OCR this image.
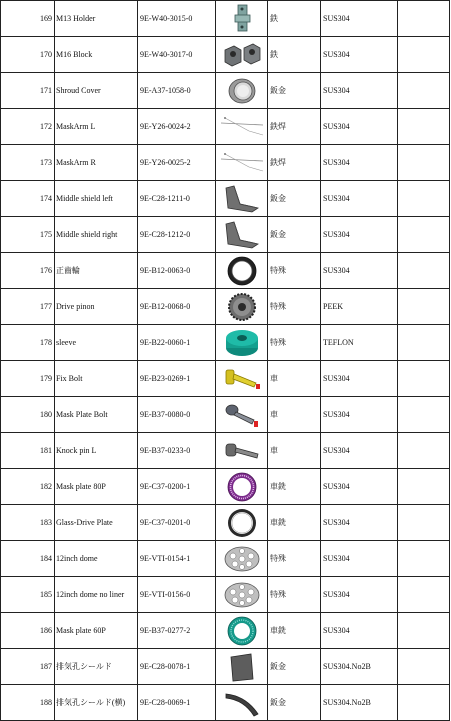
169	M13 Holder	9E-W40-3015-0		鉄	SUS304	
170	M16 Block	9E-W40-3017-0		鉄	SUS304	
171	Shroud Cover	9E-A37-1058-0		鈑金	SUS304	
172	MaskArm L	9E-Y26-0024-2		鉄焊	SUS304	
173	MaskArm R	9E-Y26-0025-2		鉄焊	SUS304	
174	Middle shield left	9E-C28-1211-0		鈑金	SUS304	
175	Middle shield right	9E-C28-1212-0		鈑金	SUS304	
176	正齒輪	9E-B12-0063-0		特殊	SUS304	
177	Drive pinon	9E-B12-0068-0		特殊	PEEK	
178	sleeve	9E-B22-0060-1		特殊	TEFLON	
179	Fix Bolt	9E-B23-0269-1		車	SUS304	
180	Mask Plate Bolt	9E-B37-0080-0		車	SUS304	
181	Knock pin L	9E-B37-0233-0		車	SUS304	
182	Mask plate 80P	9E-C37-0200-1		車銑	SUS304	
183	Glass-Drive Plate	9E-C37-0201-0		車銑	SUS304	
184	12inch dome	9E-VTI-0154-1		特殊	SUS304	
185	12inch dome no liner	9E-VTI-0156-0		特殊	SUS304	
186	Mask plate 60P	9E-B37-0277-2		車銑	SUS304	
187	排気孔シールド	9E-C28-0078-1		鈑金	SUS304.No2B	
188	排気孔シールド(横)	9E-C28-0069-1		鈑金	SUS304.No2B	
